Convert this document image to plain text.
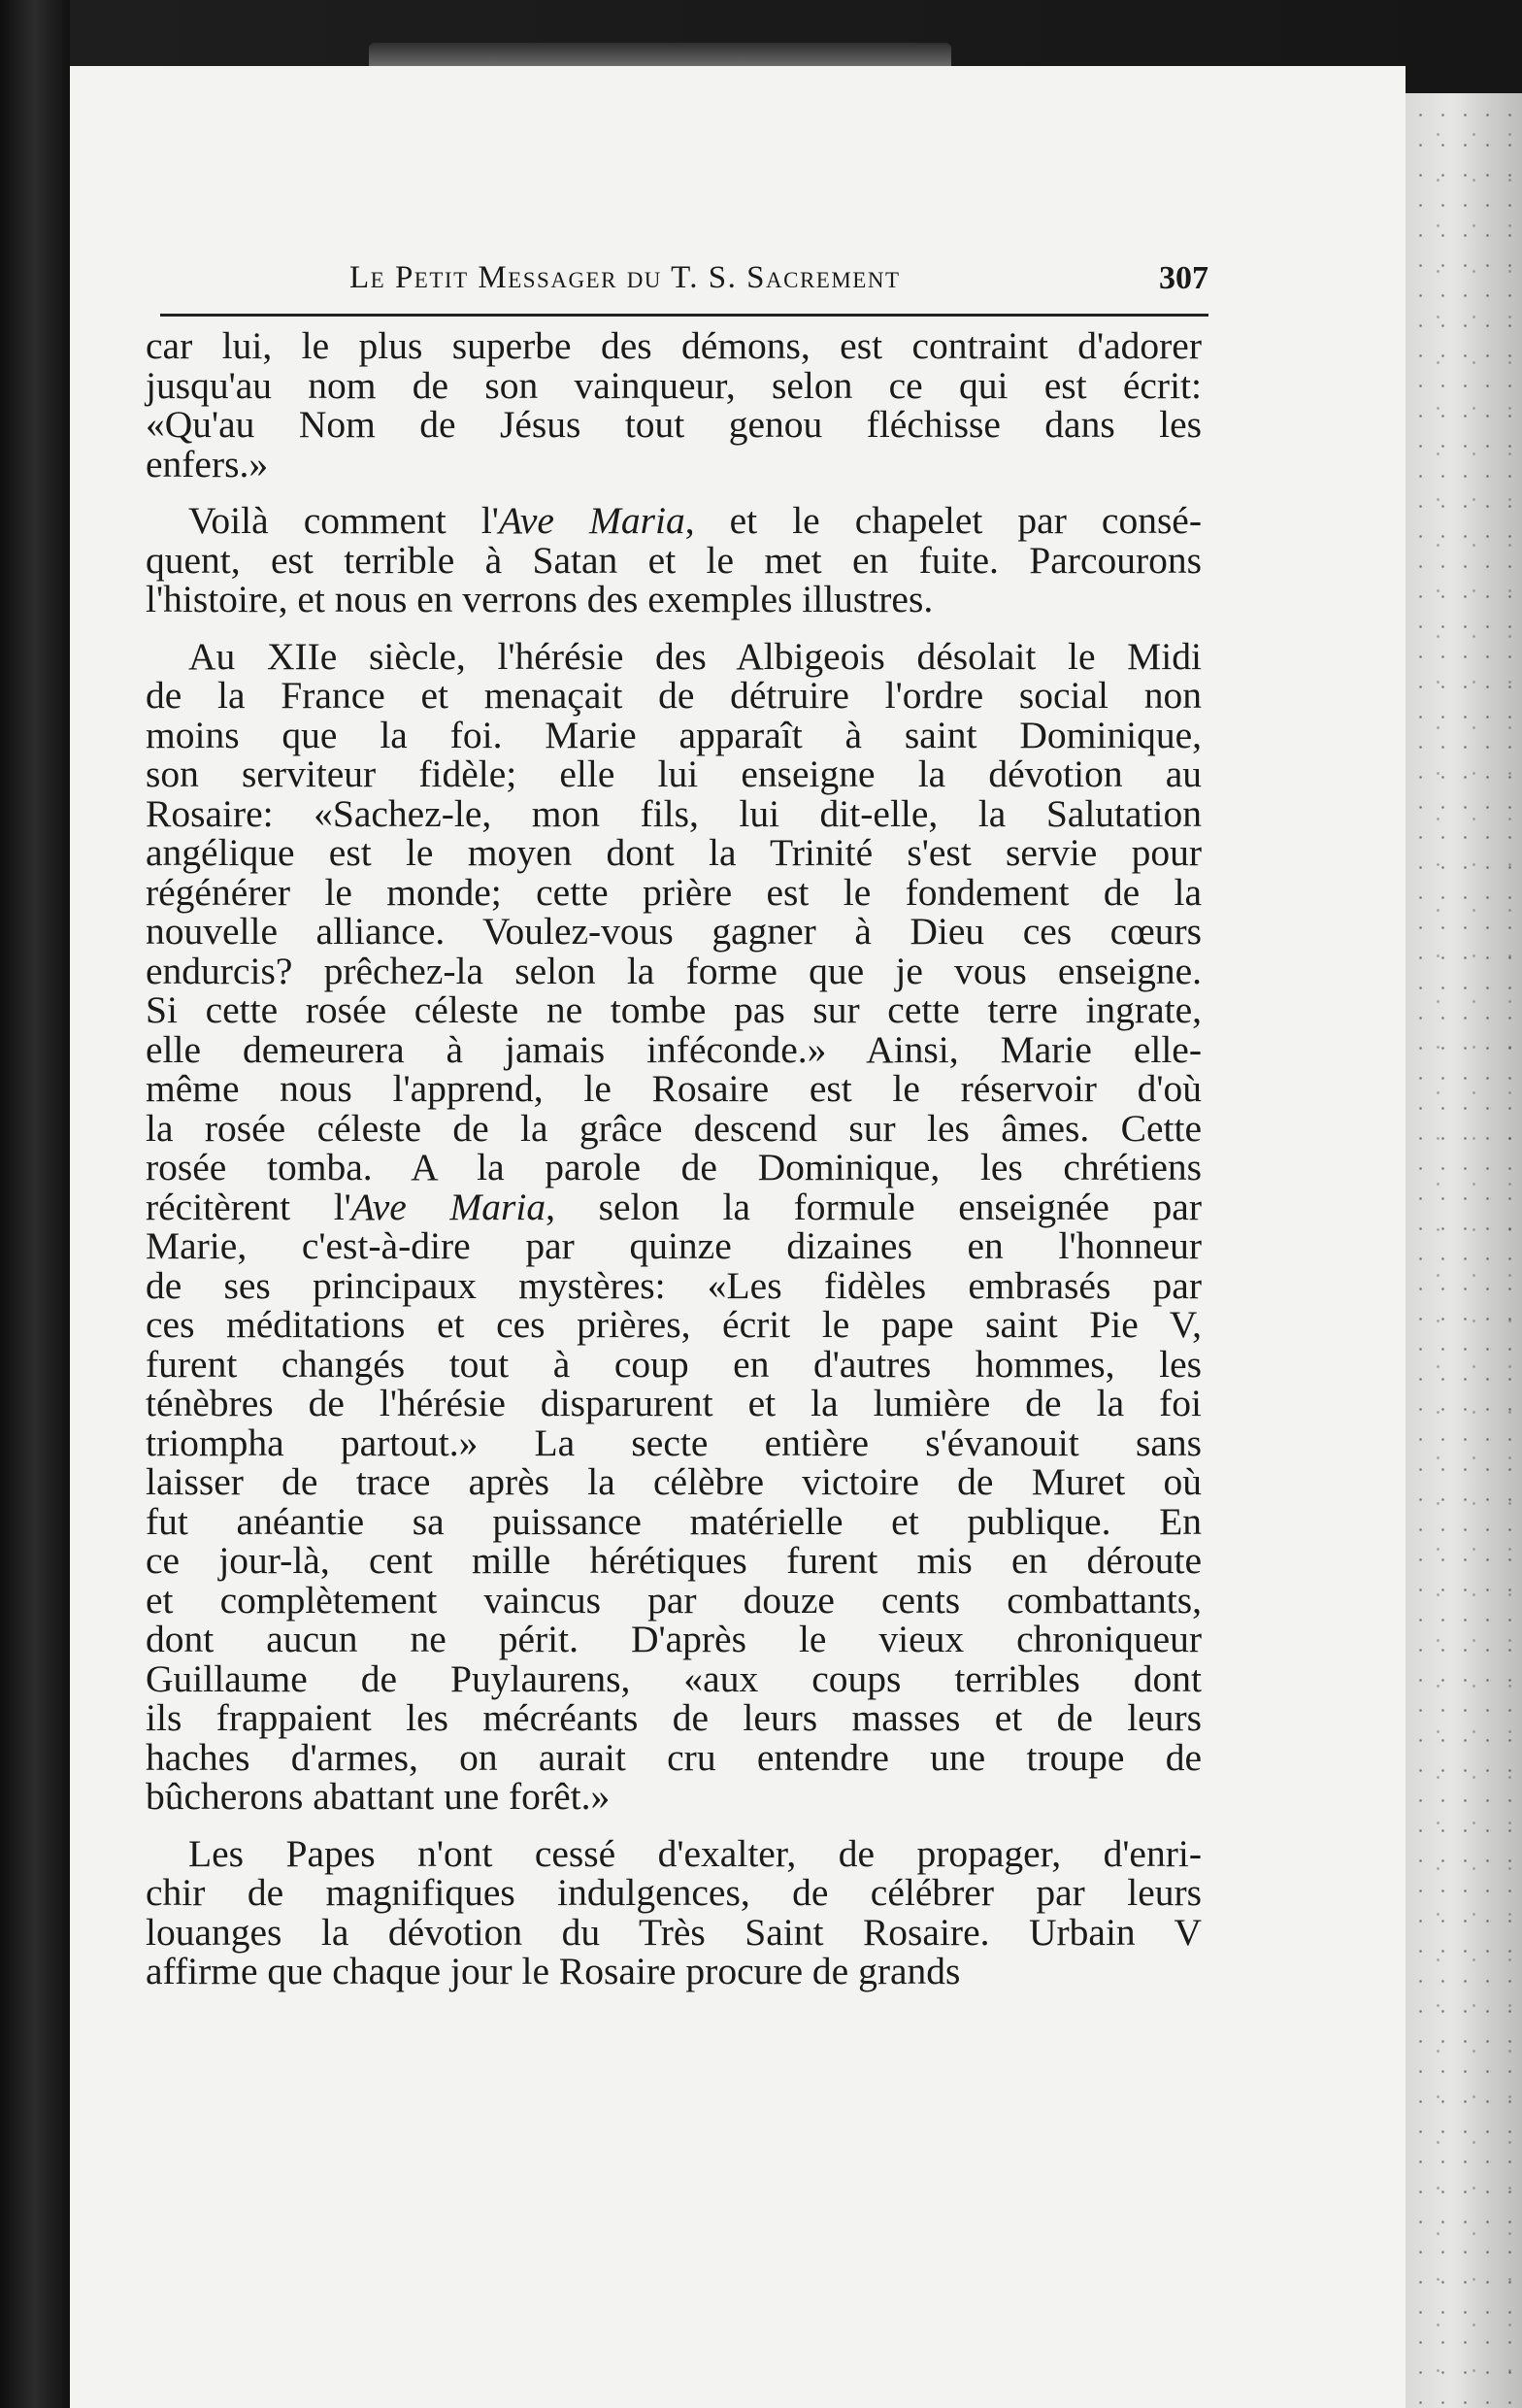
Le Petit Messager du T. S. Sacrement	307

car lui, le plus superbe des démons, est contraint d'adorer

jusqu'au nom de son vainqueur, selon ce qui est écrit:

«Qu'au Nom de Jésus tout genou fléchisse dans les

enfers.»

Voilà comment l'Ave Maria, et le chapelet par consé-

quent, est terrible à Satan et le met en fuite. Parcourons

l'histoire, et nous en verrons des exemples illustres.

Au XIIe siècle, l'hérésie des Albigeois désolait le Midi

de la France et menaçait de détruire l'ordre social non

moins que la foi. Marie apparaît à saint Dominique,

son serviteur fidèle; elle lui enseigne la dévotion au

Rosaire: «Sachez-le, mon fils, lui dit-elle, la Salutation

angélique est le moyen dont la Trinité s'est servie pour

régénérer le monde; cette prière est le fondement de la

nouvelle alliance. Voulez-vous gagner à Dieu ces cœurs

endurcis? prêchez-la selon la forme que je vous enseigne.

Si cette rosée céleste ne tombe pas sur cette terre ingrate,

elle demeurera à jamais inféconde.» Ainsi, Marie elle-

même nous l'apprend, le Rosaire est le réservoir d'où

la rosée céleste de la grâce descend sur les âmes. Cette

rosée tomba. A la parole de Dominique, les chrétiens

récitèrent l'Ave Maria, selon la formule enseignée par

Marie, c'est-à-dire par quinze dizaines en l'honneur

de ses principaux mystères: «Les fidèles embrasés par

ces méditations et ces prières, écrit le pape saint Pie V,

furent changés tout à coup en d'autres hommes, les

ténèbres de l'hérésie disparurent et la lumière de la foi

triompha partout.» La secte entière s'évanouit sans

laisser de trace après la célèbre victoire de Muret où

fut anéantie sa puissance matérielle et publique. En

ce jour-là, cent mille hérétiques furent mis en déroute

et complètement vaincus par douze cents combattants,

dont aucun ne périt. D'après le vieux chroniqueur

Guillaume de Puylaurens, «aux coups terribles dont

ils frappaient les mécréants de leurs masses et de leurs

haches d'armes, on aurait cru entendre une troupe de

bûcherons abattant une forêt.»

Les Papes n'ont cessé d'exalter, de propager, d'enri-

chir de magnifiques indulgences, de célébrer par leurs

louanges la dévotion du Très Saint Rosaire. Urbain V

affirme que chaque jour le Rosaire procure de grands
